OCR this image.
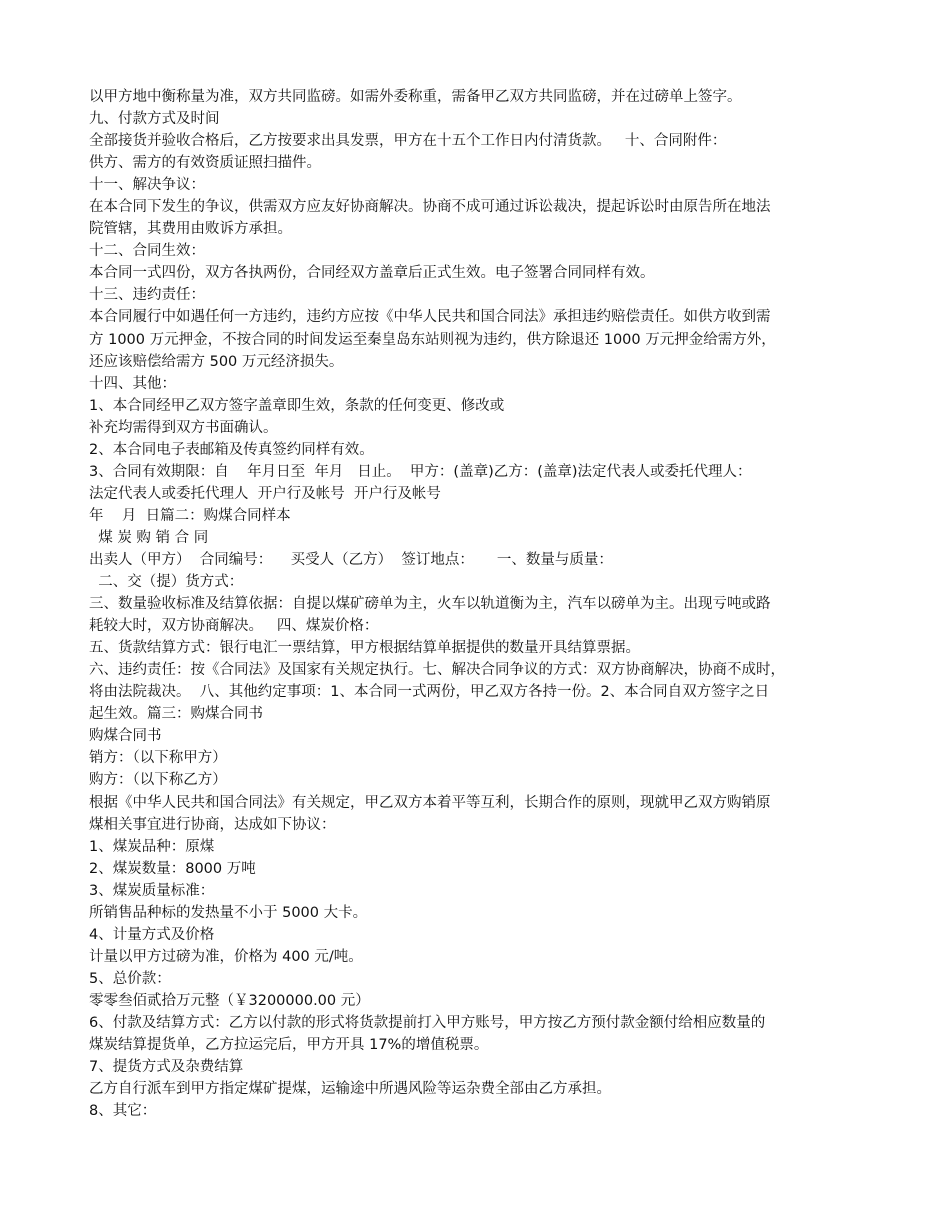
以甲方地中衡称量为准，双方共同监磅。如需外委称重，需备甲乙双方共同监磅，并在过磅单上签字。
九、付款方式及时间
全部接货并验收合格后，乙方按要求出具发票，甲方在十五个工作日内付清货款。   十、合同附件：
供方、需方的有效资质证照扫描件。
十一、解决争议：
在本合同下发生的争议，供需双方应友好协商解决。协商不成可通过诉讼裁决，提起诉讼时由原告所在地法
院管辖，其费用由败诉方承担。
十二、合同生效：
本合同一式四份，双方各执两份，合同经双方盖章后正式生效。电子签署合同同样有效。
十三、违约责任：
本合同履行中如遇任何一方违约，违约方应按《中华人民共和国合同法》承担违约赔偿责任。如供方收到需
方 1000 万元押金，不按合同的时间发运至秦皇岛东站则视为违约，供方除退还 1000 万元押金给需方外，
还应该赔偿给需方 500 万元经济损失。
十四、其他：
1、本合同经甲乙双方签字盖章即生效，条款的任何变更、修改或
补充均需得到双方书面确认。
2、本合同电子表邮箱及传真签约同样有效。
3、合同有效期限：自    年月日至  年月   日止。  甲方：(盖章)乙方：(盖章)法定代表人或委托代理人：
法定代表人或委托代理人  开户行及帐号  开户行及帐号
年    月  日篇二：购煤合同样本
煤 炭 购 销 合 同
出卖人（甲方）  合同编号：    买受人（乙方）  签订地点：     一、数量与质量：
二、交（提）货方式：
三、数量验收标准及结算依据：自提以煤矿磅单为主，火车以轨道衡为主，汽车以磅单为主。出现亏吨或路
耗较大时，双方协商解决。   四、煤炭价格：
五、货款结算方式：银行电汇一票结算，甲方根据结算单据提供的数量开具结算票据。
六、违约责任：按《合同法》及国家有关规定执行。七、解决合同争议的方式：双方协商解决，协商不成时，
将由法院裁决。  八、其他约定事项：1、本合同一式两份，甲乙双方各持一份。2、本合同自双方签字之日
起生效。篇三：购煤合同书
购煤合同书
销方：（以下称甲方）
购方：（以下称乙方）
根据《中华人民共和国合同法》有关规定，甲乙双方本着平等互利，长期合作的原则，现就甲乙双方购销原
煤相关事宜进行协商，达成如下协议：
1、煤炭品种：原煤
2、煤炭数量：8000 万吨
3、煤炭质量标准：
所销售品种标的发热量不小于 5000 大卡。
4、计量方式及价格
计量以甲方过磅为准，价格为 400 元/吨。
5、总价款：
零零叁佰贰拾万元整（￥3200000.00 元）
6、付款及结算方式：乙方以付款的形式将货款提前打入甲方账号，甲方按乙方预付款金额付给相应数量的
煤炭结算提货单，乙方拉运完后，甲方开具 17%的增值税票。
7、提货方式及杂费结算
乙方自行派车到甲方指定煤矿提煤，运输途中所遇风险等运杂费全部由乙方承担。
8、其它：
